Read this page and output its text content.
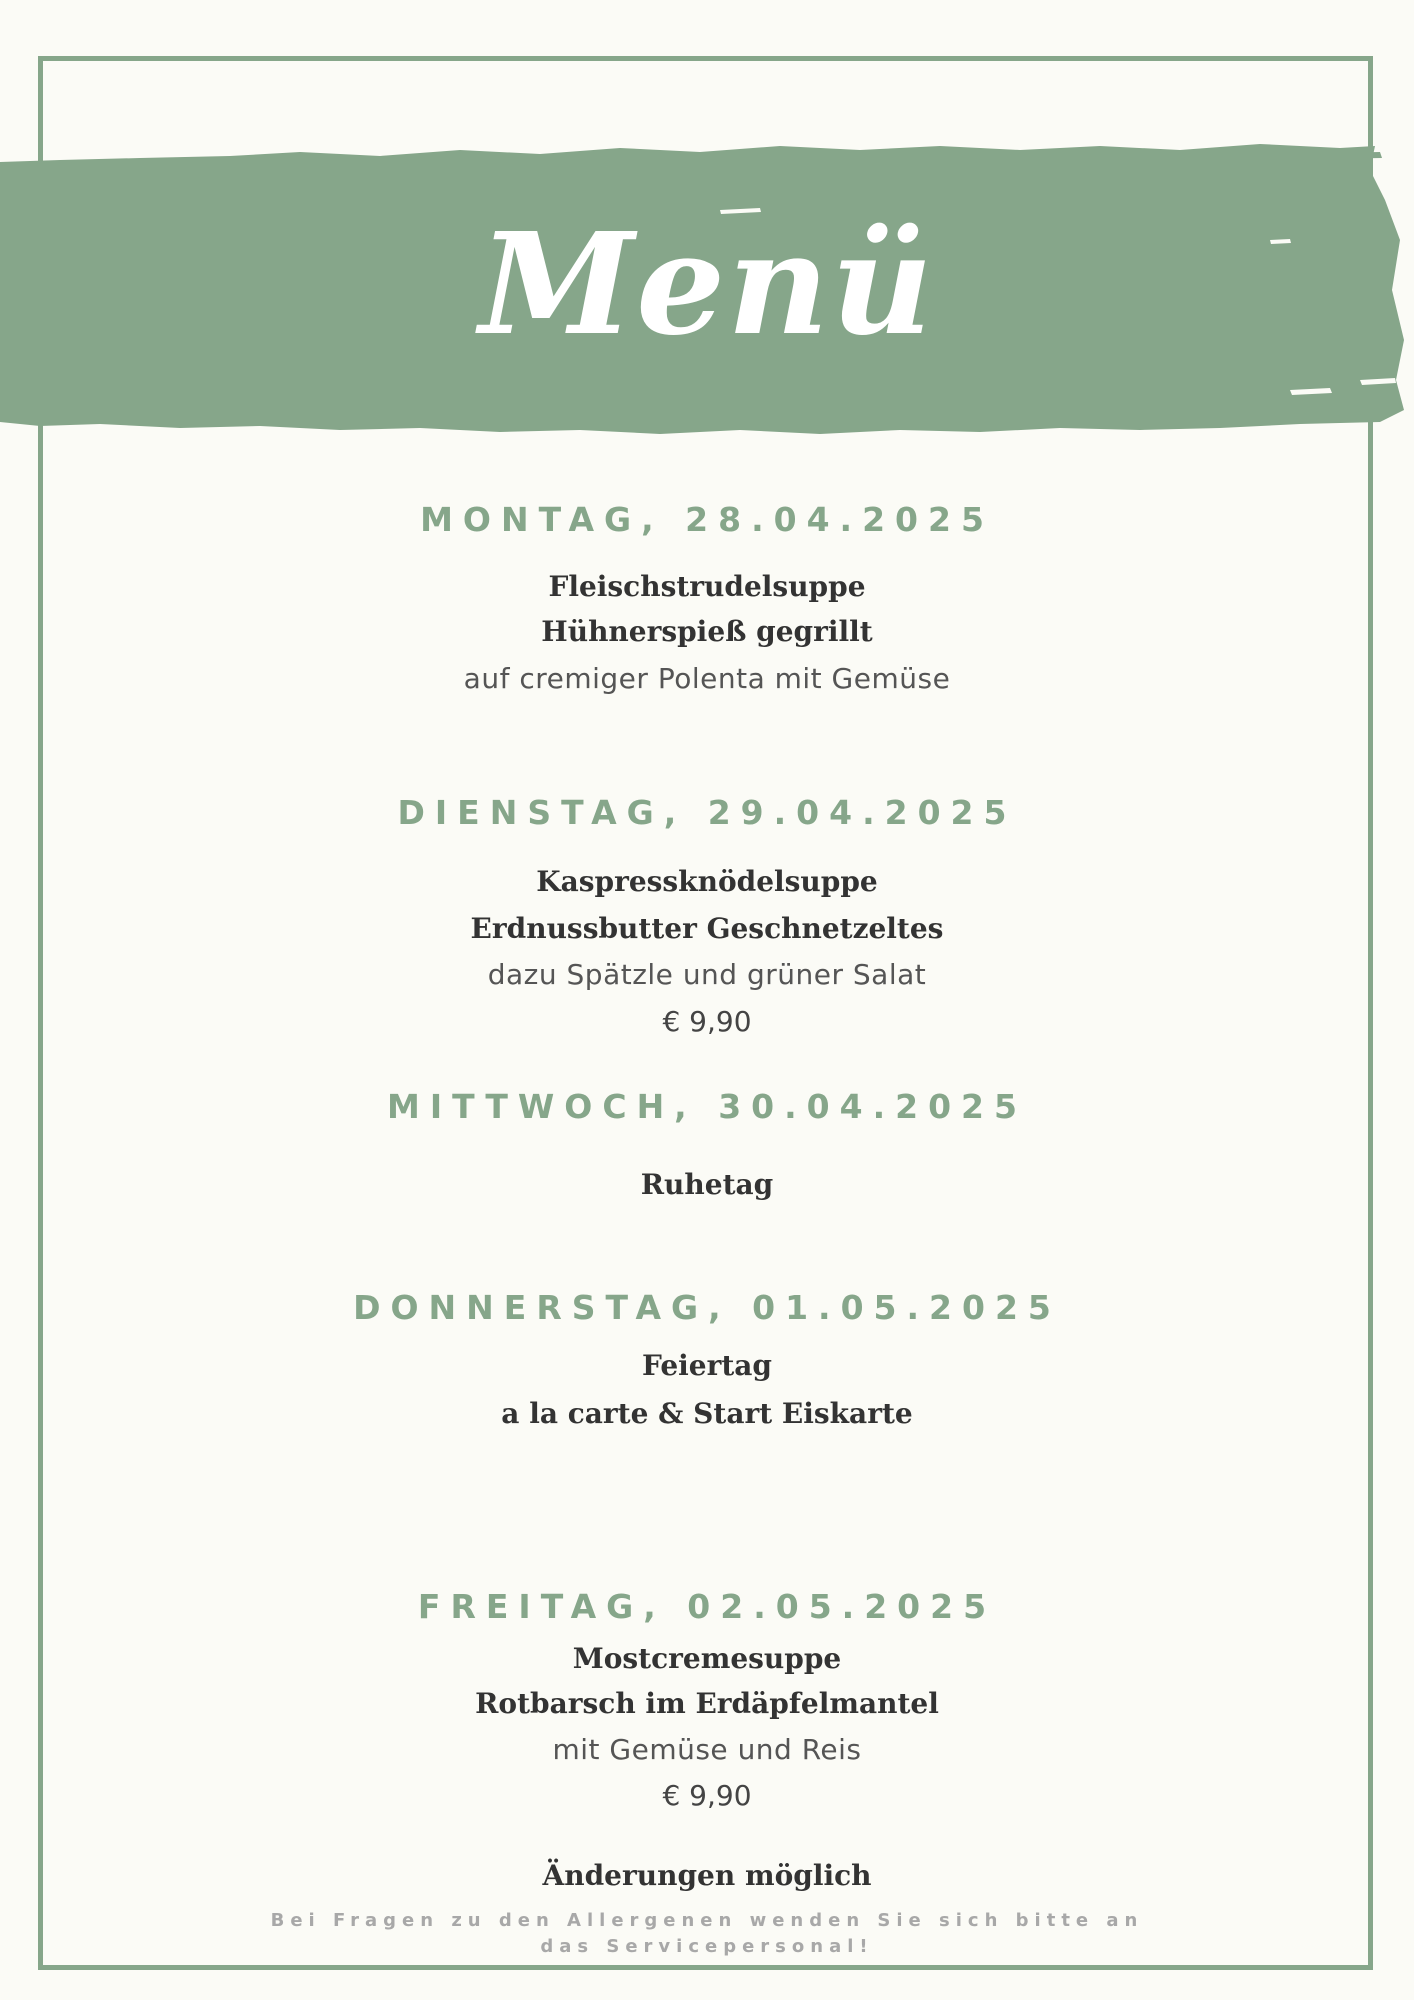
Menü
MONTAG, 28.04.2025
Fleischstrudelsuppe
Hühnerspieß gegrillt
auf cremiger Polenta mit Gemüse
DIENSTAG, 29.04.2025
Kaspressknödelsuppe
Erdnussbutter Geschnetzeltes
dazu Spätzle und grüner Salat
€ 9,90
MITTWOCH, 30.04.2025
Ruhetag
DONNERSTAG, 01.05.2025
Feiertag
a la carte & Start Eiskarte
FREITAG, 02.05.2025
Mostcremesuppe
Rotbarsch im Erdäpfelmantel
mit Gemüse und Reis
€ 9,90
Änderungen möglich
Bei Fragen zu den Allergenen wenden Sie sich bitte an das Servicepersonal!
